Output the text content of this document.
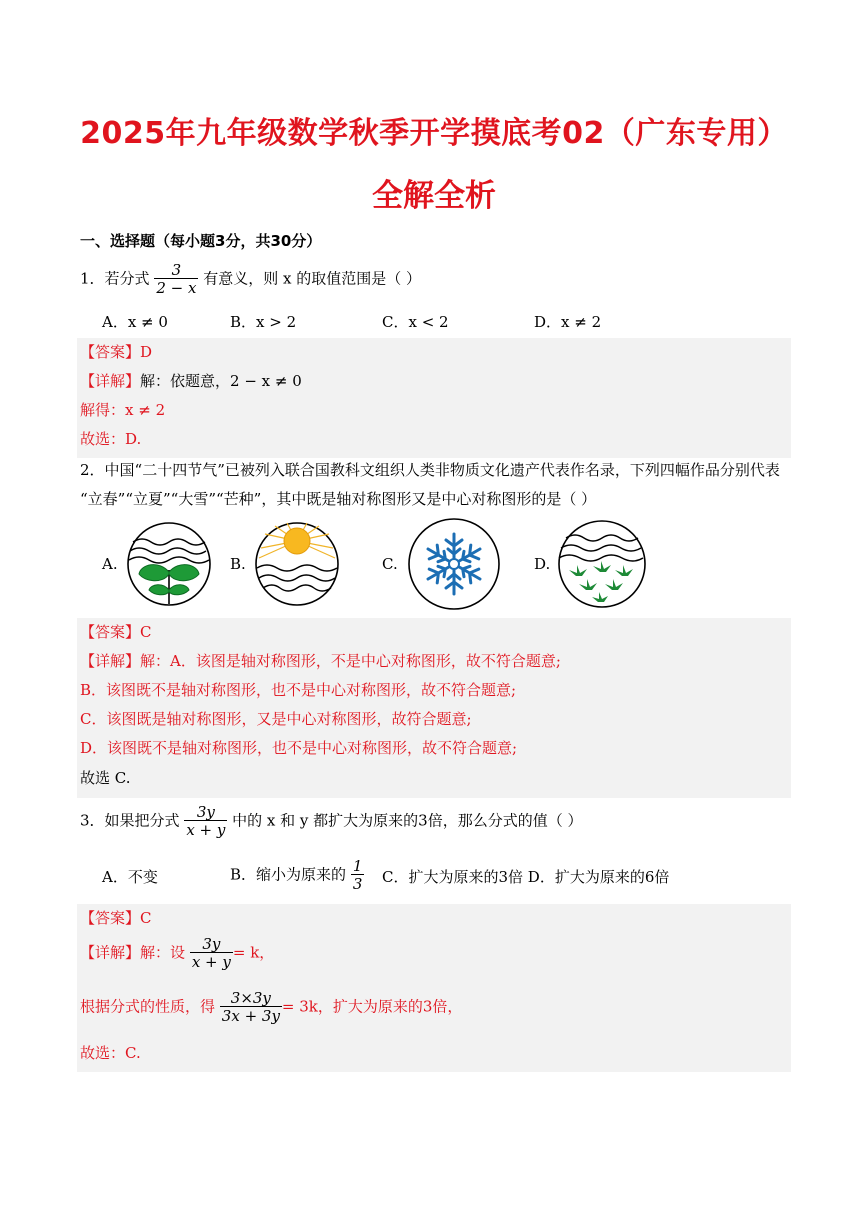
2025年九年级数学秋季开学摸底考02（广东专用）
全解全析
一、选择题（每小题3分，共30分）
1．若分式 $\frac{3}{2 - x}$ 有意义，则 x 的取值范围是（ ）
A．x ≠ 0	B．x > 2	C．x < 2	D．x ≠ 2
【答案】D
【详解】解：依题意，2 − x ≠ 0
解得：x ≠ 2
故选：D.
2．中国“二十四节气”已被列入联合国教科文组织人类非物质文化遗产代表作名录，下列四幅作品分别代表
“立春”“立夏”“大雪”“芒种”，其中既是轴对称图形又是中心对称图形的是（ ）
A.	B.	C.	D.
【答案】C
【详解】解：A．该图是轴对称图形，不是中心对称图形，故不符合题意;
B．该图既不是轴对称图形，也不是中心对称图形，故不符合题意;
C．该图既是轴对称图形，又是中心对称图形，故符合题意;
D．该图既不是轴对称图形，也不是中心对称图形，故不符合题意;
故选 C.
3．如果把分式 $\frac{3y}{x + y}$ 中的 x 和 y 都扩大为原来的3倍，那么分式的值（ ）
A．不变	B．缩小为原来的 $\frac{1}{3}$ C．扩大为原来的3倍 D．扩大为原来的6倍
【答案】C
【详解】解：设 $\frac{3y}{x + y} = k$，
根据分式的性质，得 $\frac{3\times 3y}{3x + 3y} = 3k$，扩大为原来的3倍，
故选：C.
